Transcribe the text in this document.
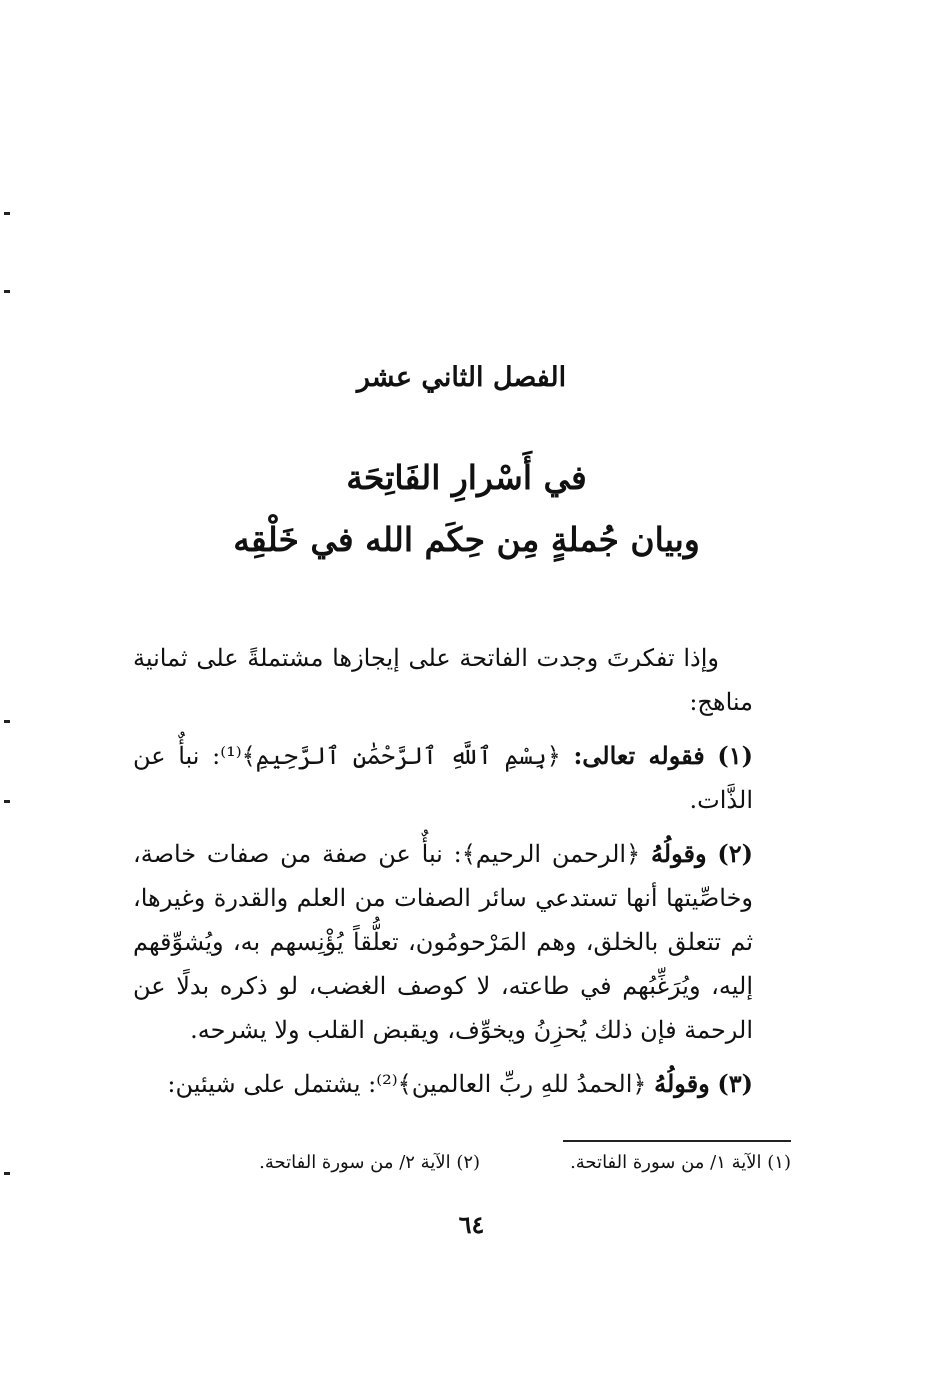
الفصل الثاني عشر
في أَسْرارِ الفَاتِحَة
وبيان جُملةٍ مِن حِكَم الله في خَلْقِه

وإذا تفكرتَ وجدت الفاتحة على إيجازها مشتملةً على ثمانية مناهج:

(١) فقوله تعالى: ﴿بِسْمِ ٱللَّهِ ٱلرَّحْمَٰنِ ٱلرَّحِيمِ﴾⁽¹⁾: نبأٌ عن الذَّات.

(٢) وقولُهُ ﴿الرحمن الرحيم﴾: نبأٌ عن صفة من صفات خاصة، وخاصِّيتها أنها تستدعي سائر الصفات من العلم والقدرة وغيرها، ثم تتعلق بالخلق، وهم المَرْحومُون، تعلُّقاً يُؤْنِسهم به، ويُشوِّقهم إليه، ويُرَغِّبُهم في طاعته، لا كوصف الغضب، لو ذكره بدلًا عن الرحمة فإن ذلك يُحزِنُ ويخوِّف، ويقبض القلب ولا يشرحه.

(٣) وقولُهُ ﴿الحمدُ للهِ ربِّ العالمين﴾⁽²⁾: يشتمل على شيئين:

(١) الآية ١/ من سورة الفاتحة.
(٢) الآية ٢/ من سورة الفاتحة.
٦٤
